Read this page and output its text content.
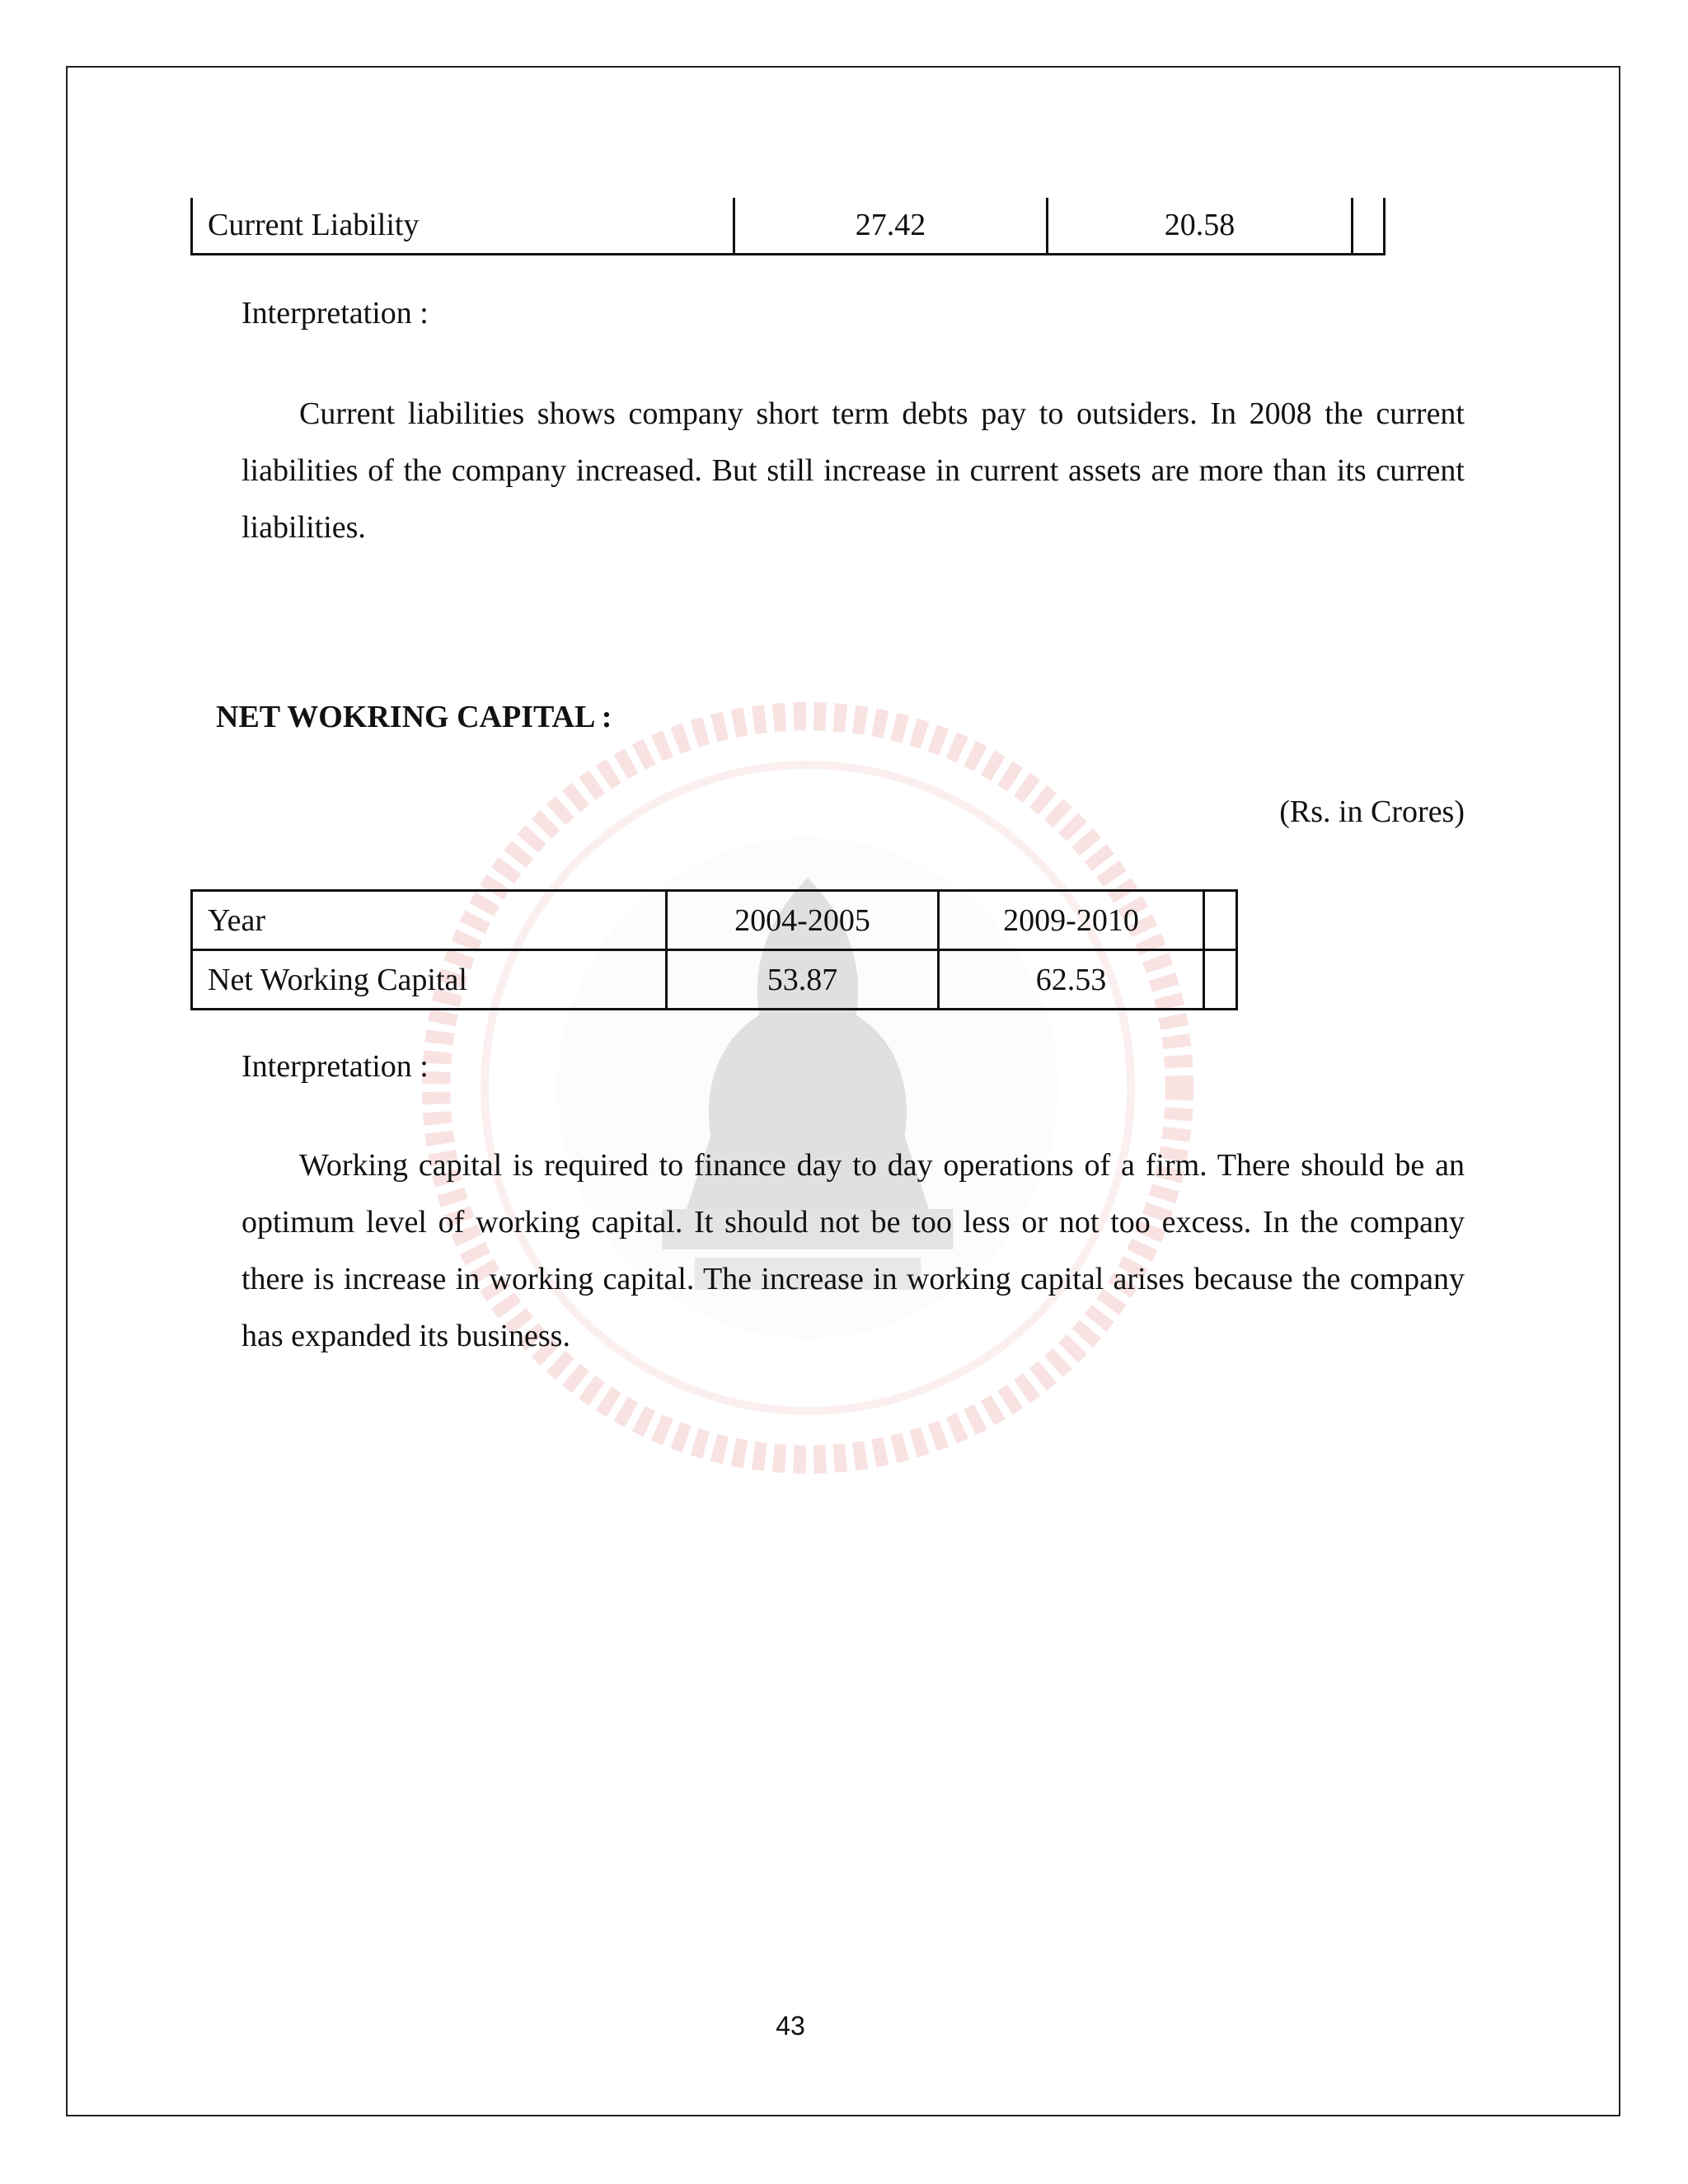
Current Liability	27.42	20.58		
Interpretation :

Current liabilities shows company short term debts pay to outsiders. In 2008 the current liabilities of the company increased. But still increase in current assets are more than its current liabilities.

NET WOKRING CAPITAL :
(Rs. in Crores)
Year	2004-2005	2009-2010	
Net Working Capital	53.87	62.53	
Interpretation :

Working capital is required to finance day to day operations of a firm. There should be an optimum level of working capital. It should not be too less or not too excess. In the company there is increase in working capital. The increase in working capital arises because the company has expanded its business.

43
